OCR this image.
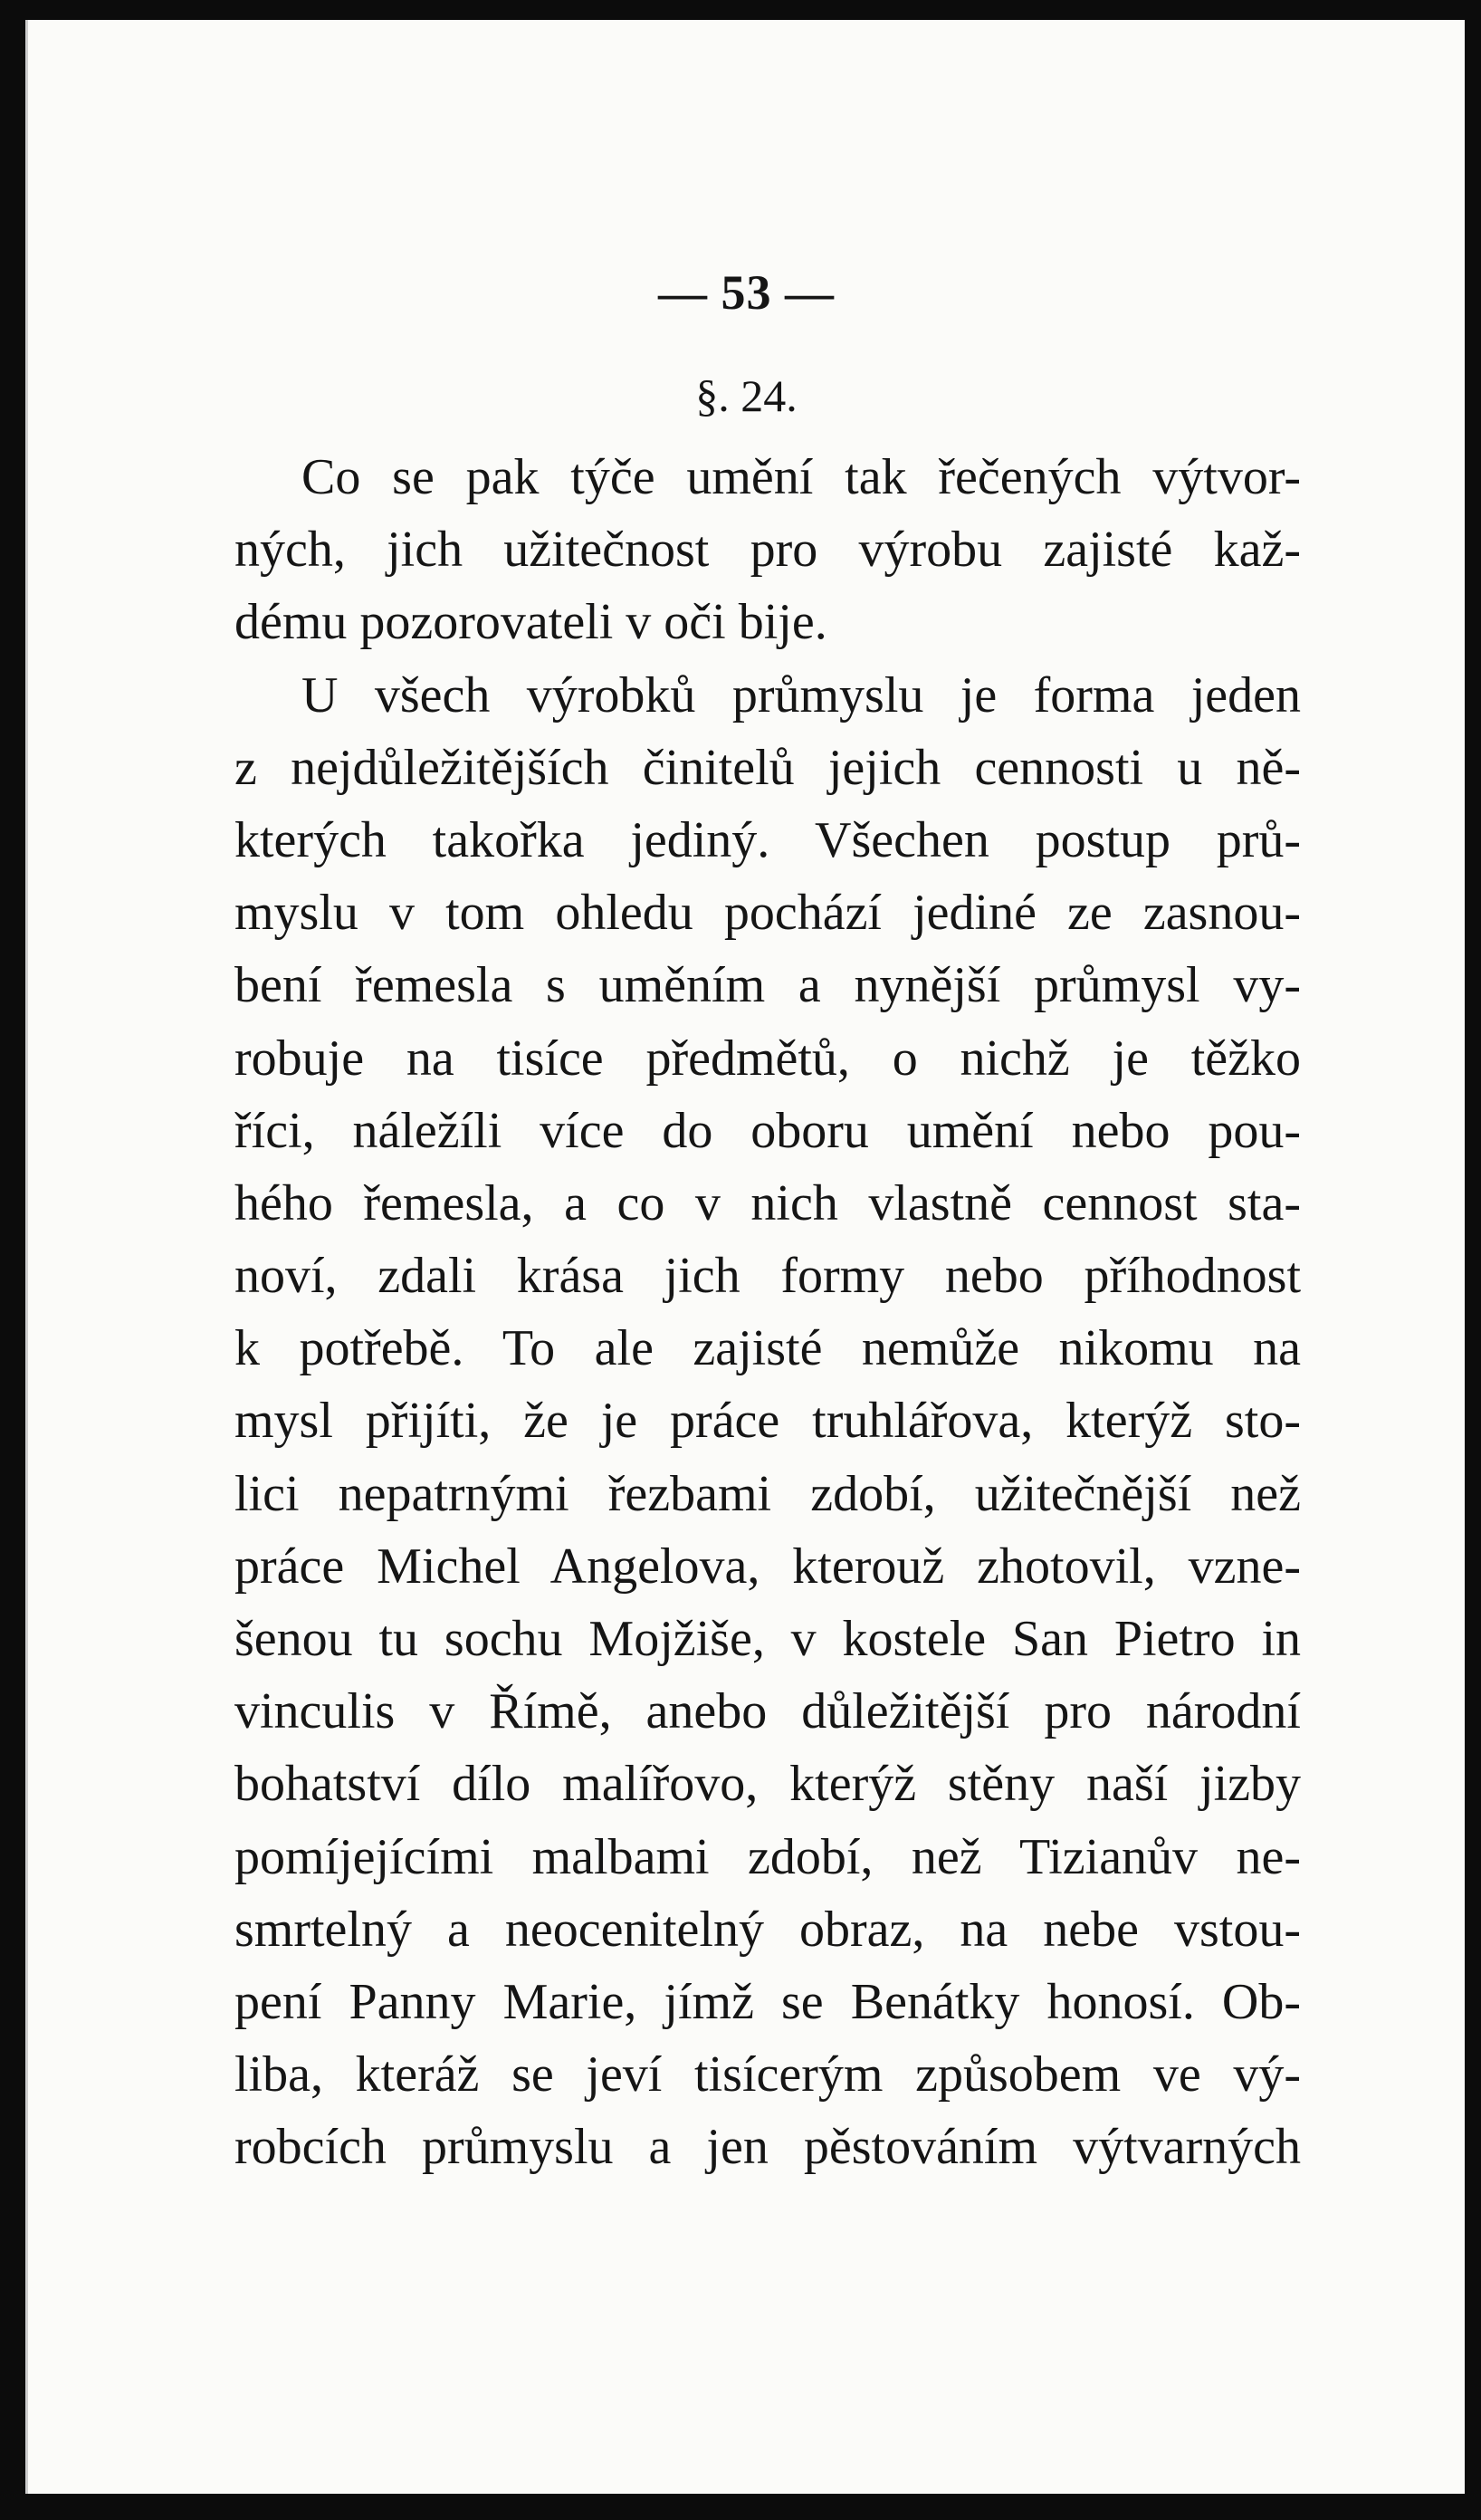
— 53 —
§. 24.
Co se pak týče umění tak řečených výtvor-
ných, jich užitečnost pro výrobu zajisté kaž-
dému pozorovateli v oči bije.
U všech výrobků průmyslu je forma jeden
z nejdůležitějších činitelů jejich cennosti u ně-
kterých takořka jediný. Všechen postup prů-
myslu v tom ohledu pochází jediné ze zasnou-
bení řemesla s uměním a nynější průmysl vy-
robuje na tisíce předmětů, o nichž je těžko
říci, náležíli více do oboru umění nebo pou-
hého řemesla, a co v nich vlastně cennost sta-
noví, zdali krása jich formy nebo příhodnost
k potřebě. To ale zajisté nemůže nikomu na
mysl přijíti, že je práce truhlářova, kterýž sto-
lici nepatrnými řezbami zdobí, užitečnější než
práce Michel Angelova, kterouž zhotovil, vzne-
šenou tu sochu Mojžiše, v kostele San Pietro in
vinculis v Římě, anebo důležitější pro národní
bohatství dílo malířovo, kterýž stěny naší jizby
pomíjejícími malbami zdobí, než Tizianův ne-
smrtelný a neocenitelný obraz, na nebe vstou-
pení Panny Marie, jímž se Benátky honosí. Ob-
liba, kteráž se jeví tisícerým způsobem ve vý-
robcích průmyslu a jen pěstováním výtvarných
